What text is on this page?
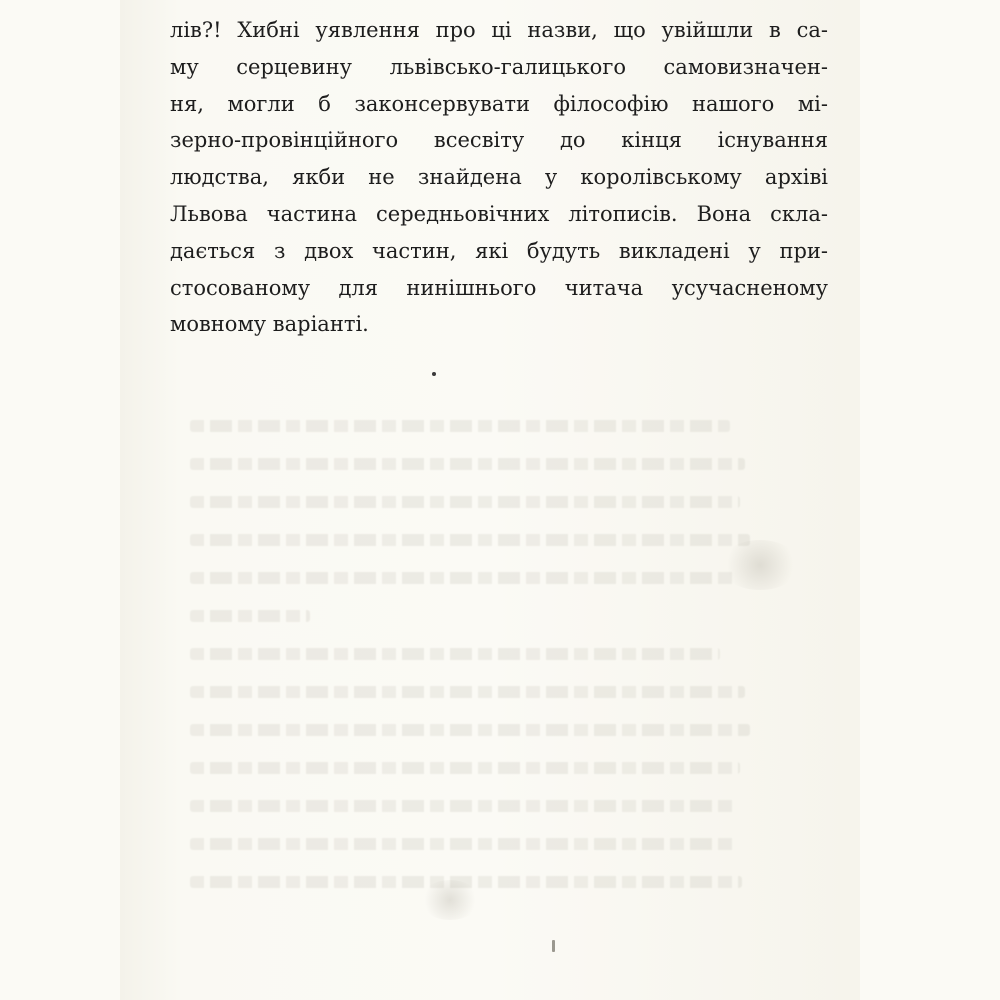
лів?! Хибні уявлення про ці назви, що увійшли в са-
му серцевину львівсько-галицького самовизначен-
ня, могли б законсервувати філософію нашого мі-
зерно-провінційного всесвіту до кінця існування
людства, якби не знайдена у королівському архіві
Львова частина середньовічних літописів. Вона скла-
дається з двох частин, які будуть викладені у при-
стосованому для нинішнього читача усучасненому
мовному варіанті.
